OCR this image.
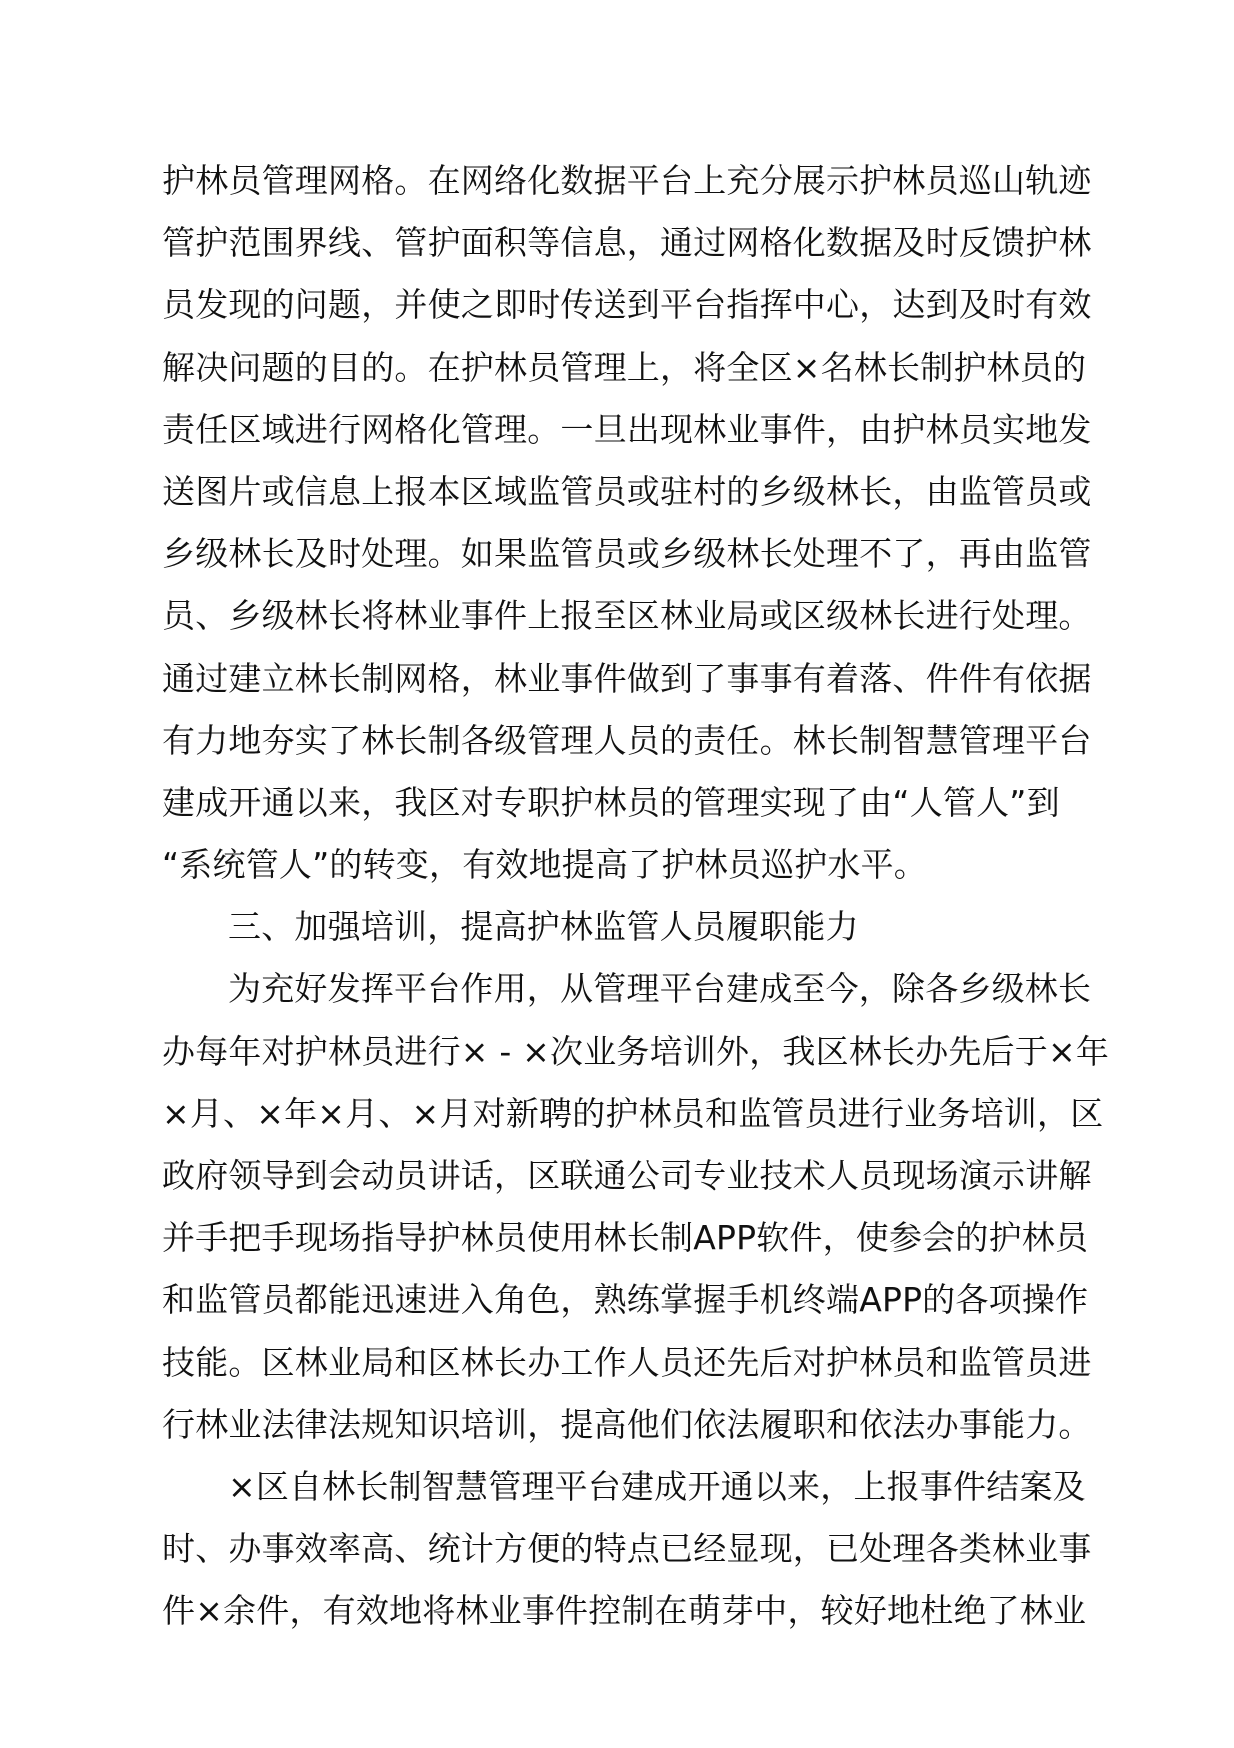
护林员管理网格。在网络化数据平台上充分展示护林员巡山轨迹
管护范围界线、管护面积等信息，通过网格化数据及时反馈护林
员发现的问题，并使之即时传送到平台指挥中心，达到及时有效
解决问题的目的。在护林员管理上，将全区×名林长制护林员的
责任区域进行网格化管理。一旦出现林业事件，由护林员实地发
送图片或信息上报本区域监管员或驻村的乡级林长，由监管员或
乡级林长及时处理。如果监管员或乡级林长处理不了，再由监管
员、乡级林长将林业事件上报至区林业局或区级林长进行处理。
通过建立林长制网格，林业事件做到了事事有着落、件件有依据
有力地夯实了林长制各级管理人员的责任。林长制智慧管理平台
建成开通以来，我区对专职护林员的管理实现了由“人管人”到
“系统管人”的转变，有效地提高了护林员巡护水平。
三、加强培训，提高护林监管人员履职能力
为充好发挥平台作用，从管理平台建成至今，除各乡级林长
办每年对护林员进行× - ×次业务培训外，我区林长办先后于×年
×月、×年×月、×月对新聘的护林员和监管员进行业务培训，区
政府领导到会动员讲话，区联通公司专业技术人员现场演示讲解
并手把手现场指导护林员使用林长制APP软件，使参会的护林员
和监管员都能迅速进入角色，熟练掌握手机终端APP的各项操作
技能。区林业局和区林长办工作人员还先后对护林员和监管员进
行林业法律法规知识培训，提高他们依法履职和依法办事能力。
×区自林长制智慧管理平台建成开通以来，上报事件结案及
时、办事效率高、统计方便的特点已经显现，已处理各类林业事
件×余件，有效地将林业事件控制在萌芽中，较好地杜绝了林业
